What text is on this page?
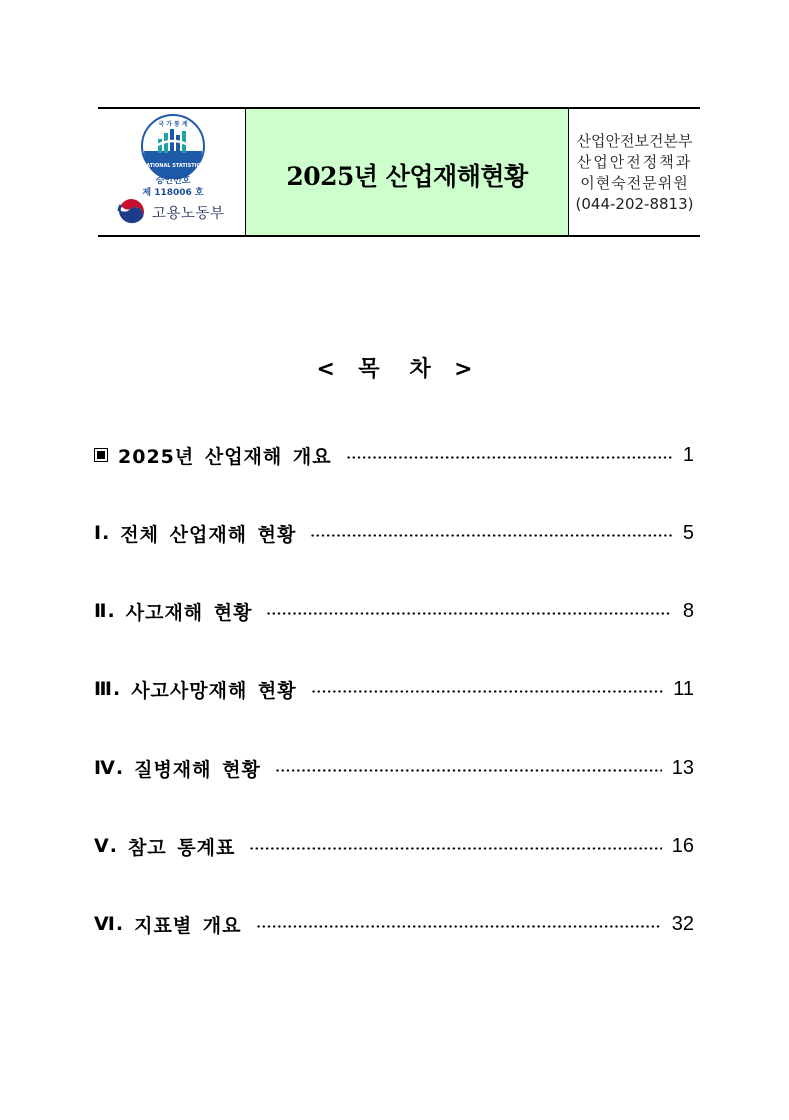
국 가 통 계
NATIONAL STATISTICS
승인번호
제 118006 호
고용노동부
2025년 산업재해현황
산업안전보건본부
산업안전정책과
이현숙전문위원
(044-202-8813)
<  목 차  >
2025년 산업재해 개요	1
Ⅰ. 전체 산업재해 현황	5
Ⅱ. 사고재해 현황	8
Ⅲ. 사고사망재해 현황	11
Ⅳ. 질병재해 현황	13
Ⅴ. 참고 통계표	16
Ⅵ. 지표별 개요	32
